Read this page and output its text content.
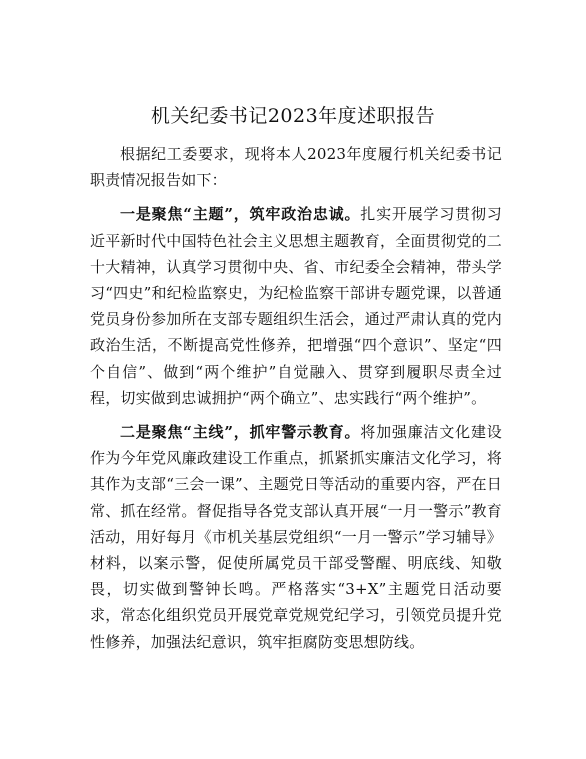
机关纪委书记2023年度述职报告

根据纪工委要求，现将本人2023年度履行机关纪委书记职责情况报告如下：

一是聚焦“主题”，筑牢政治忠诚。扎实开展学习贯彻习近平新时代中国特色社会主义思想主题教育，全面贯彻党的二十大精神，认真学习贯彻中央、省、市纪委全会精神，带头学习“四史”和纪检监察史，为纪检监察干部讲专题党课，以普通党员身份参加所在支部专题组织生活会，通过严肃认真的党内政治生活，不断提高党性修养，把增强“四个意识”、坚定“四个自信”、做到“两个维护”自觉融入、贯穿到履职尽责全过程，切实做到忠诚拥护“两个确立”、忠实践行“两个维护”。

二是聚焦“主线”，抓牢警示教育。将加强廉洁文化建设作为今年党风廉政建设工作重点，抓紧抓实廉洁文化学习，将其作为支部“三会一课”、主题党日等活动的重要内容，严在日常、抓在经常。督促指导各党支部认真开展“一月一警示”教育活动，用好每月《市机关基层党组织“一月一警示”学习辅导》材料，以案示警，促使所属党员干部受警醒、明底线、知敬畏，切实做到警钟长鸣。严格落实“3+X”主题党日活动要求，常态化组织党员开展党章党规党纪学习，引领党员提升党性修养，加强法纪意识，筑牢拒腐防变思想防线。
